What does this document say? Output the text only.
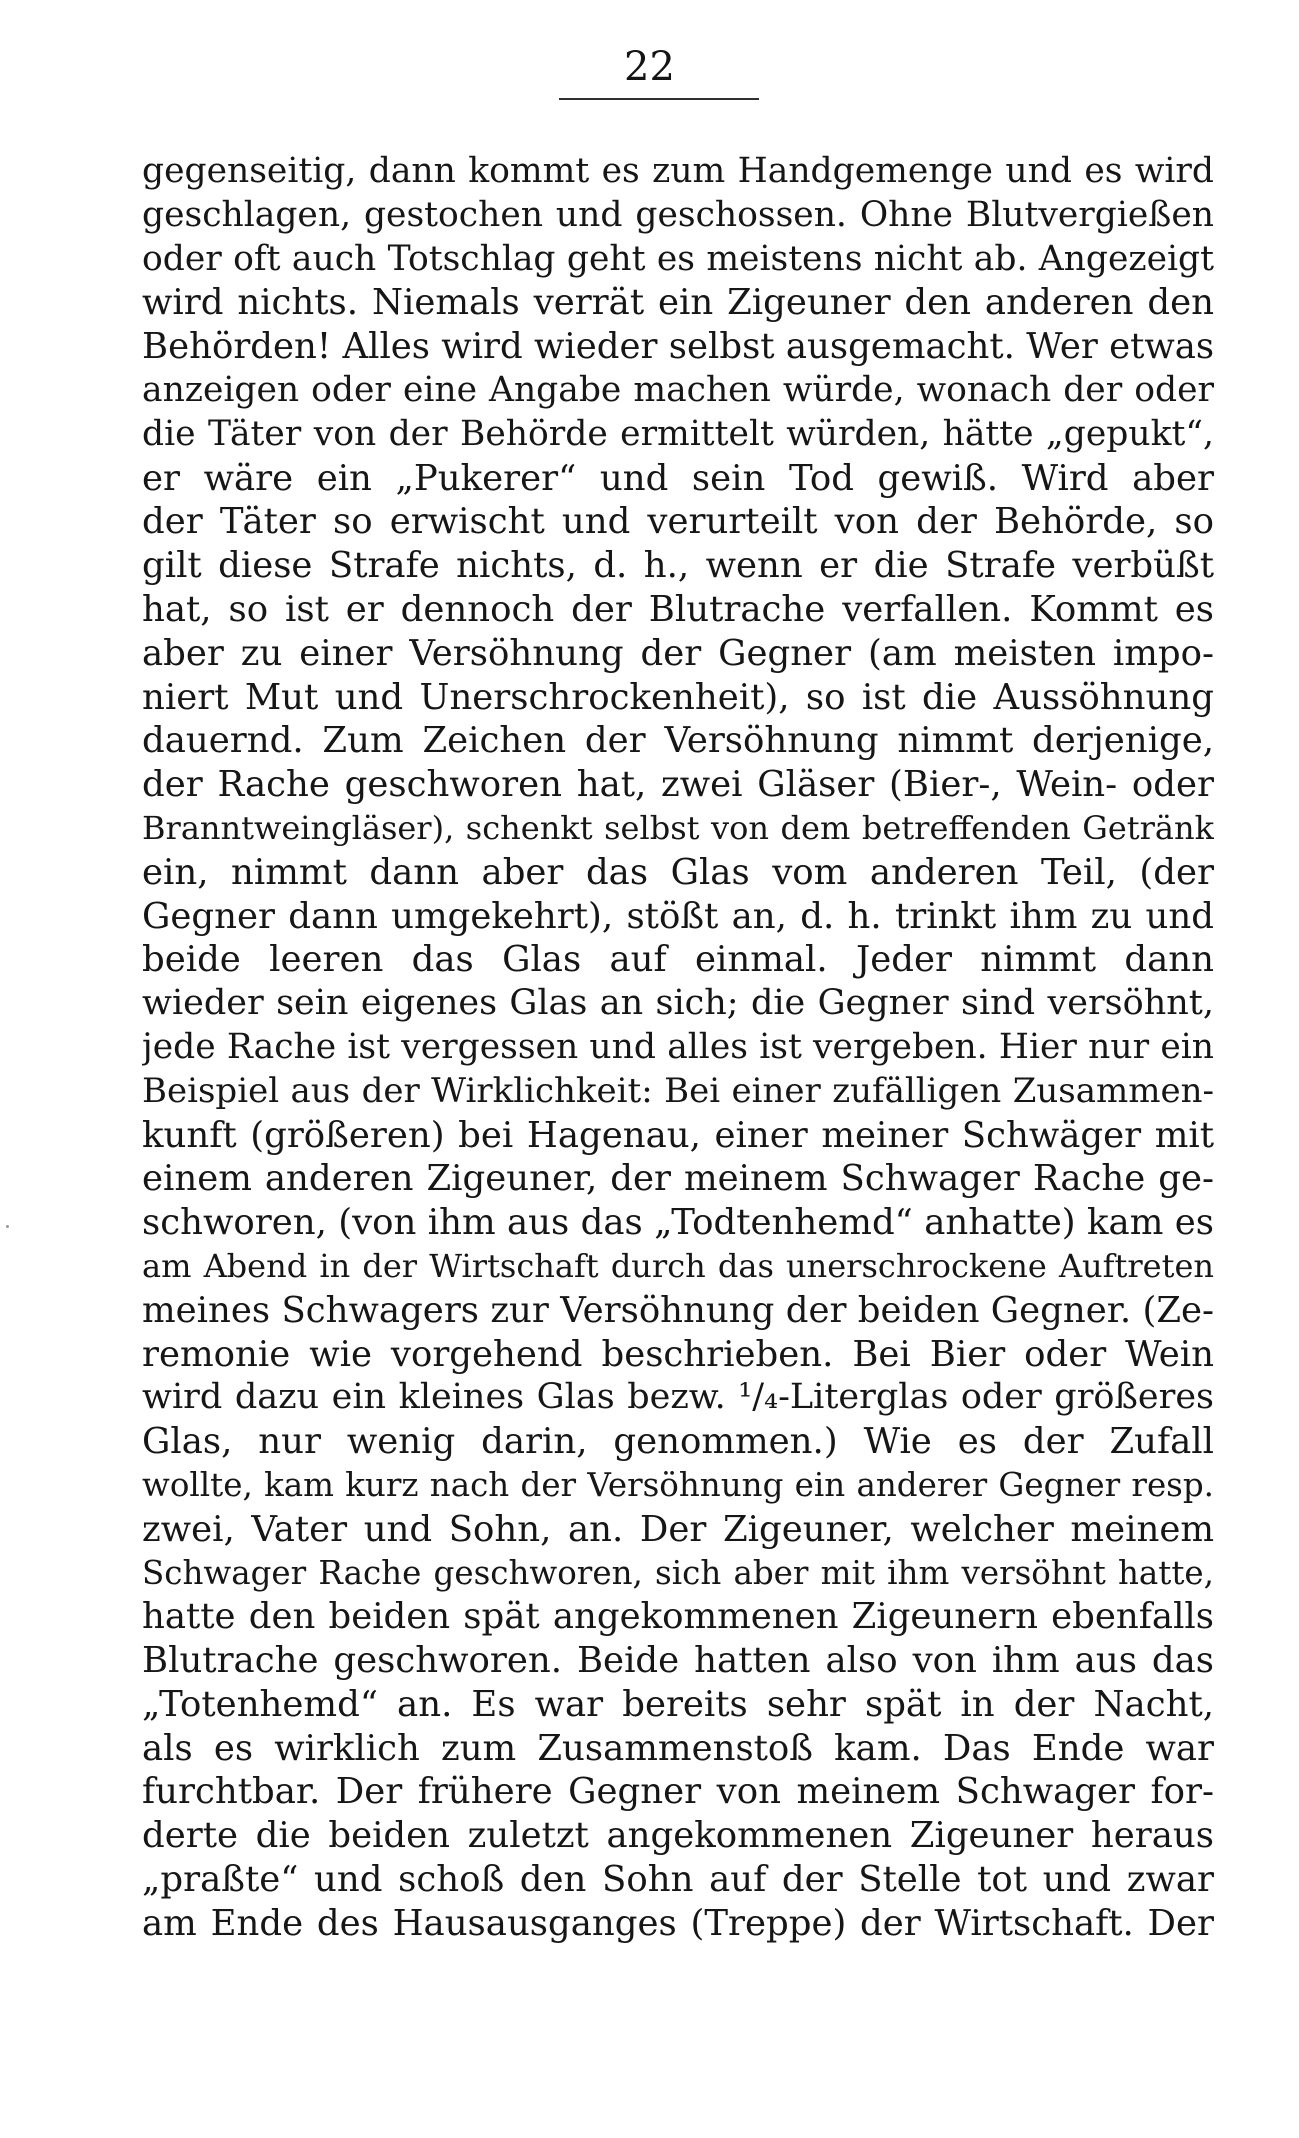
22
gegenseitig, dann kommt es zum Handgemenge und es wird
geschlagen, gestochen und geschossen. Ohne Blutvergießen
oder oft auch Totschlag geht es meistens nicht ab. Angezeigt
wird nichts. Niemals verrät ein Zigeuner den anderen den
Behörden! Alles wird wieder selbst ausgemacht. Wer etwas
anzeigen oder eine Angabe machen würde, wonach der oder
die Täter von der Behörde ermittelt würden, hätte „gepukt“,
er wäre ein „Pukerer“ und sein Tod gewiß. Wird aber
der Täter so erwischt und verurteilt von der Behörde, so
gilt diese Strafe nichts, d. h., wenn er die Strafe verbüßt
hat, so ist er dennoch der Blutrache verfallen. Kommt es
aber zu einer Versöhnung der Gegner (am meisten impo-
niert Mut und Unerschrockenheit), so ist die Aussöhnung
dauernd. Zum Zeichen der Versöhnung nimmt derjenige,
der Rache geschworen hat, zwei Gläser (Bier-, Wein- oder
Branntweingläser), schenkt selbst von dem betreffenden Getränk
ein, nimmt dann aber das Glas vom anderen Teil, (der
Gegner dann umgekehrt), stößt an, d. h. trinkt ihm zu und
beide leeren das Glas auf einmal. Jeder nimmt dann
wieder sein eigenes Glas an sich; die Gegner sind versöhnt,
jede Rache ist vergessen und alles ist vergeben. Hier nur ein
Beispiel aus der Wirklichkeit: Bei einer zufälligen Zusammen-
kunft (größeren) bei Hagenau, einer meiner Schwäger mit
einem anderen Zigeuner, der meinem Schwager Rache ge-
schworen, (von ihm aus das „Todtenhemd“ anhatte) kam es
am Abend in der Wirtschaft durch das unerschrockene Auftreten
meines Schwagers zur Versöhnung der beiden Gegner. (Ze-
remonie wie vorgehend beschrieben. Bei Bier oder Wein
wird dazu ein kleines Glas bezw. ¹/₄-Literglas oder größeres
Glas, nur wenig darin, genommen.) Wie es der Zufall
wollte, kam kurz nach der Versöhnung ein anderer Gegner resp.
zwei, Vater und Sohn, an. Der Zigeuner, welcher meinem
Schwager Rache geschworen, sich aber mit ihm versöhnt hatte,
hatte den beiden spät angekommenen Zigeunern ebenfalls
Blutrache geschworen. Beide hatten also von ihm aus das
„Totenhemd“ an. Es war bereits sehr spät in der Nacht,
als es wirklich zum Zusammenstoß kam. Das Ende war
furchtbar. Der frühere Gegner von meinem Schwager for-
derte die beiden zuletzt angekommenen Zigeuner heraus
„praßte“ und schoß den Sohn auf der Stelle tot und zwar
am Ende des Hausausganges (Treppe) der Wirtschaft. Der
